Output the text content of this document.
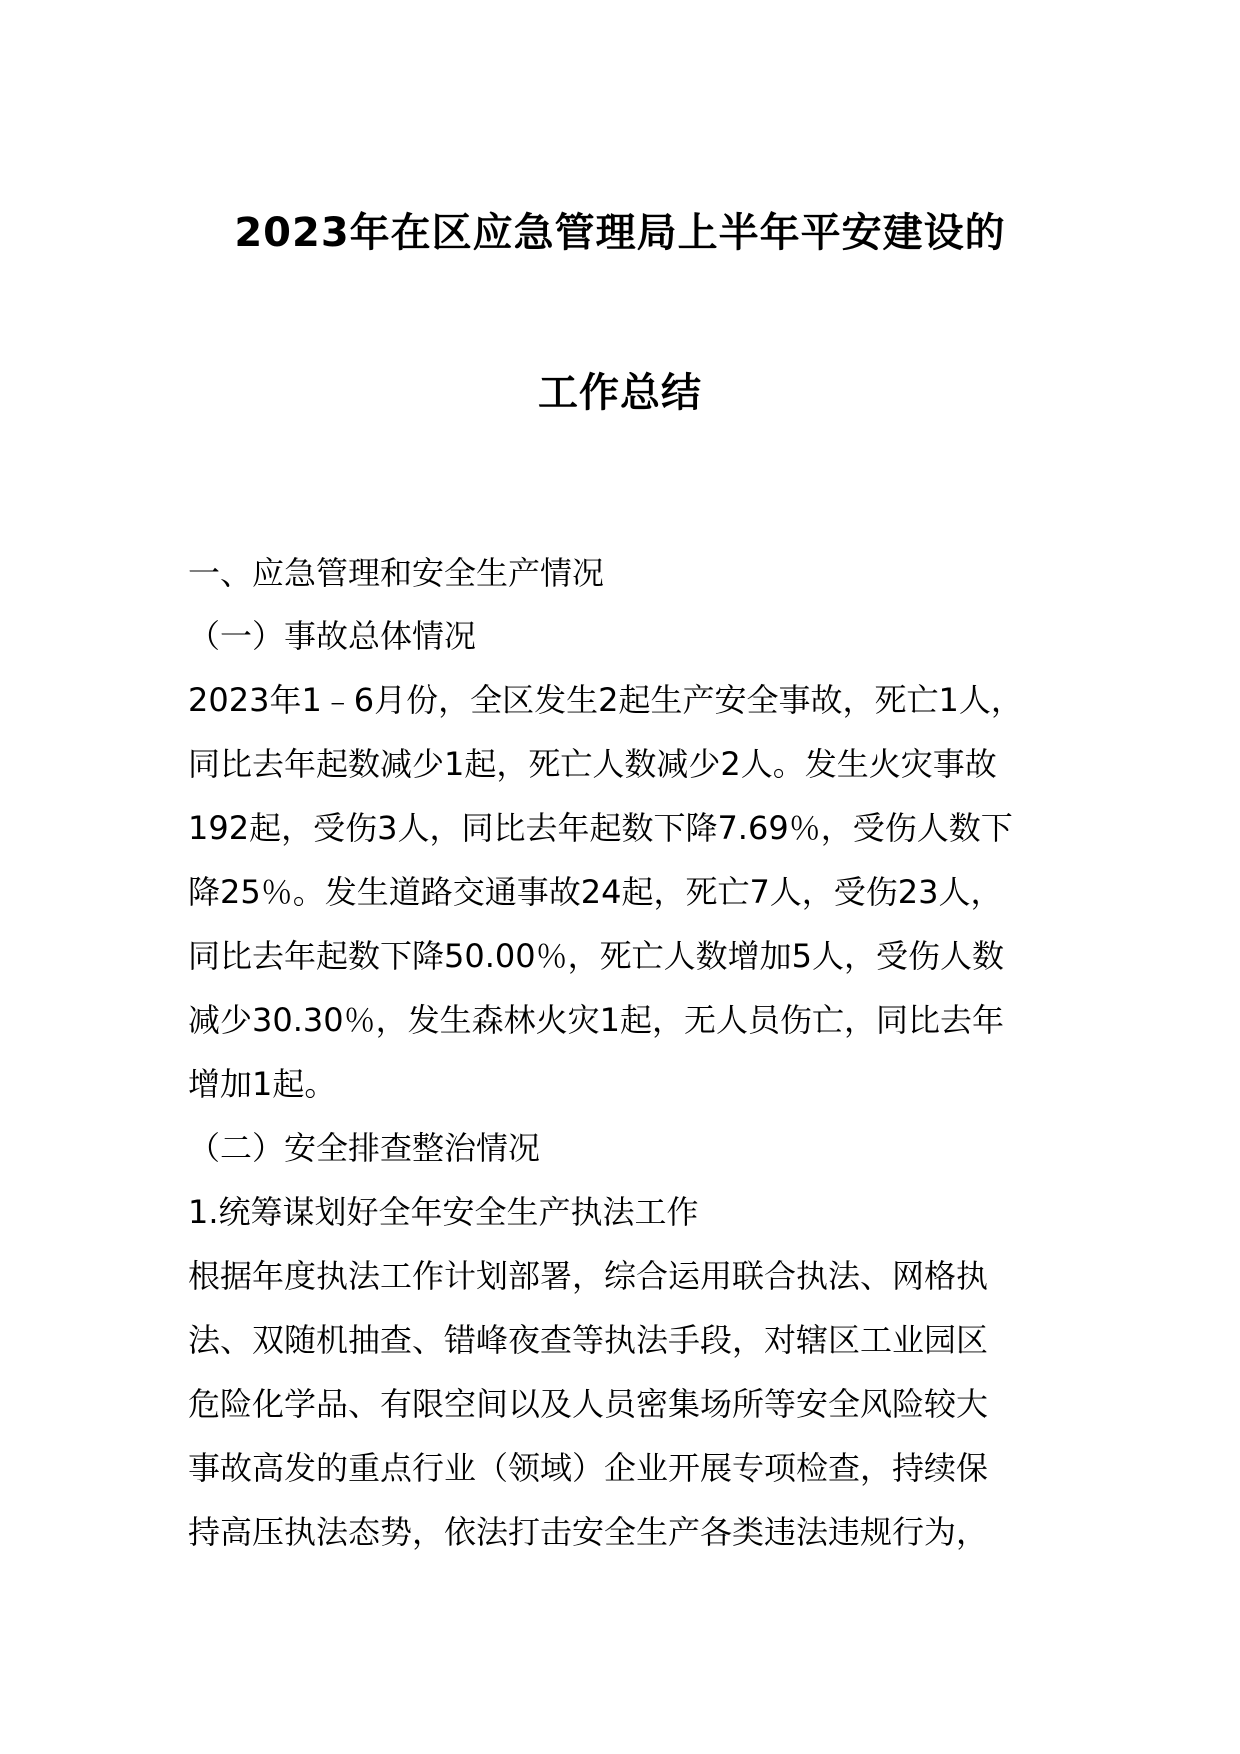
2023年在区应急管理局上半年平安建设的
工作总结
一、应急管理和安全生产情况
（一）事故总体情况
2023年1﹣6月份，全区发生2起生产安全事故，死亡1人，
同比去年起数减少1起，死亡人数减少2人。发生火灾事故
192起，受伤3人，同比去年起数下降7.69％，受伤人数下
降25％。发生道路交通事故24起，死亡7人，受伤23人，
同比去年起数下降50.00％，死亡人数增加5人，受伤人数
减少30.30％，发生森林火灾1起，无人员伤亡，同比去年
增加1起。
（二）安全排查整治情况
1.统筹谋划好全年安全生产执法工作
根据年度执法工作计划部署，综合运用联合执法、网格执
法、双随机抽查、错峰夜查等执法手段，对辖区工业园区
危险化学品、有限空间以及人员密集场所等安全风险较大
事故高发的重点行业（领域）企业开展专项检查，持续保
持高压执法态势，依法打击安全生产各类违法违规行为，
